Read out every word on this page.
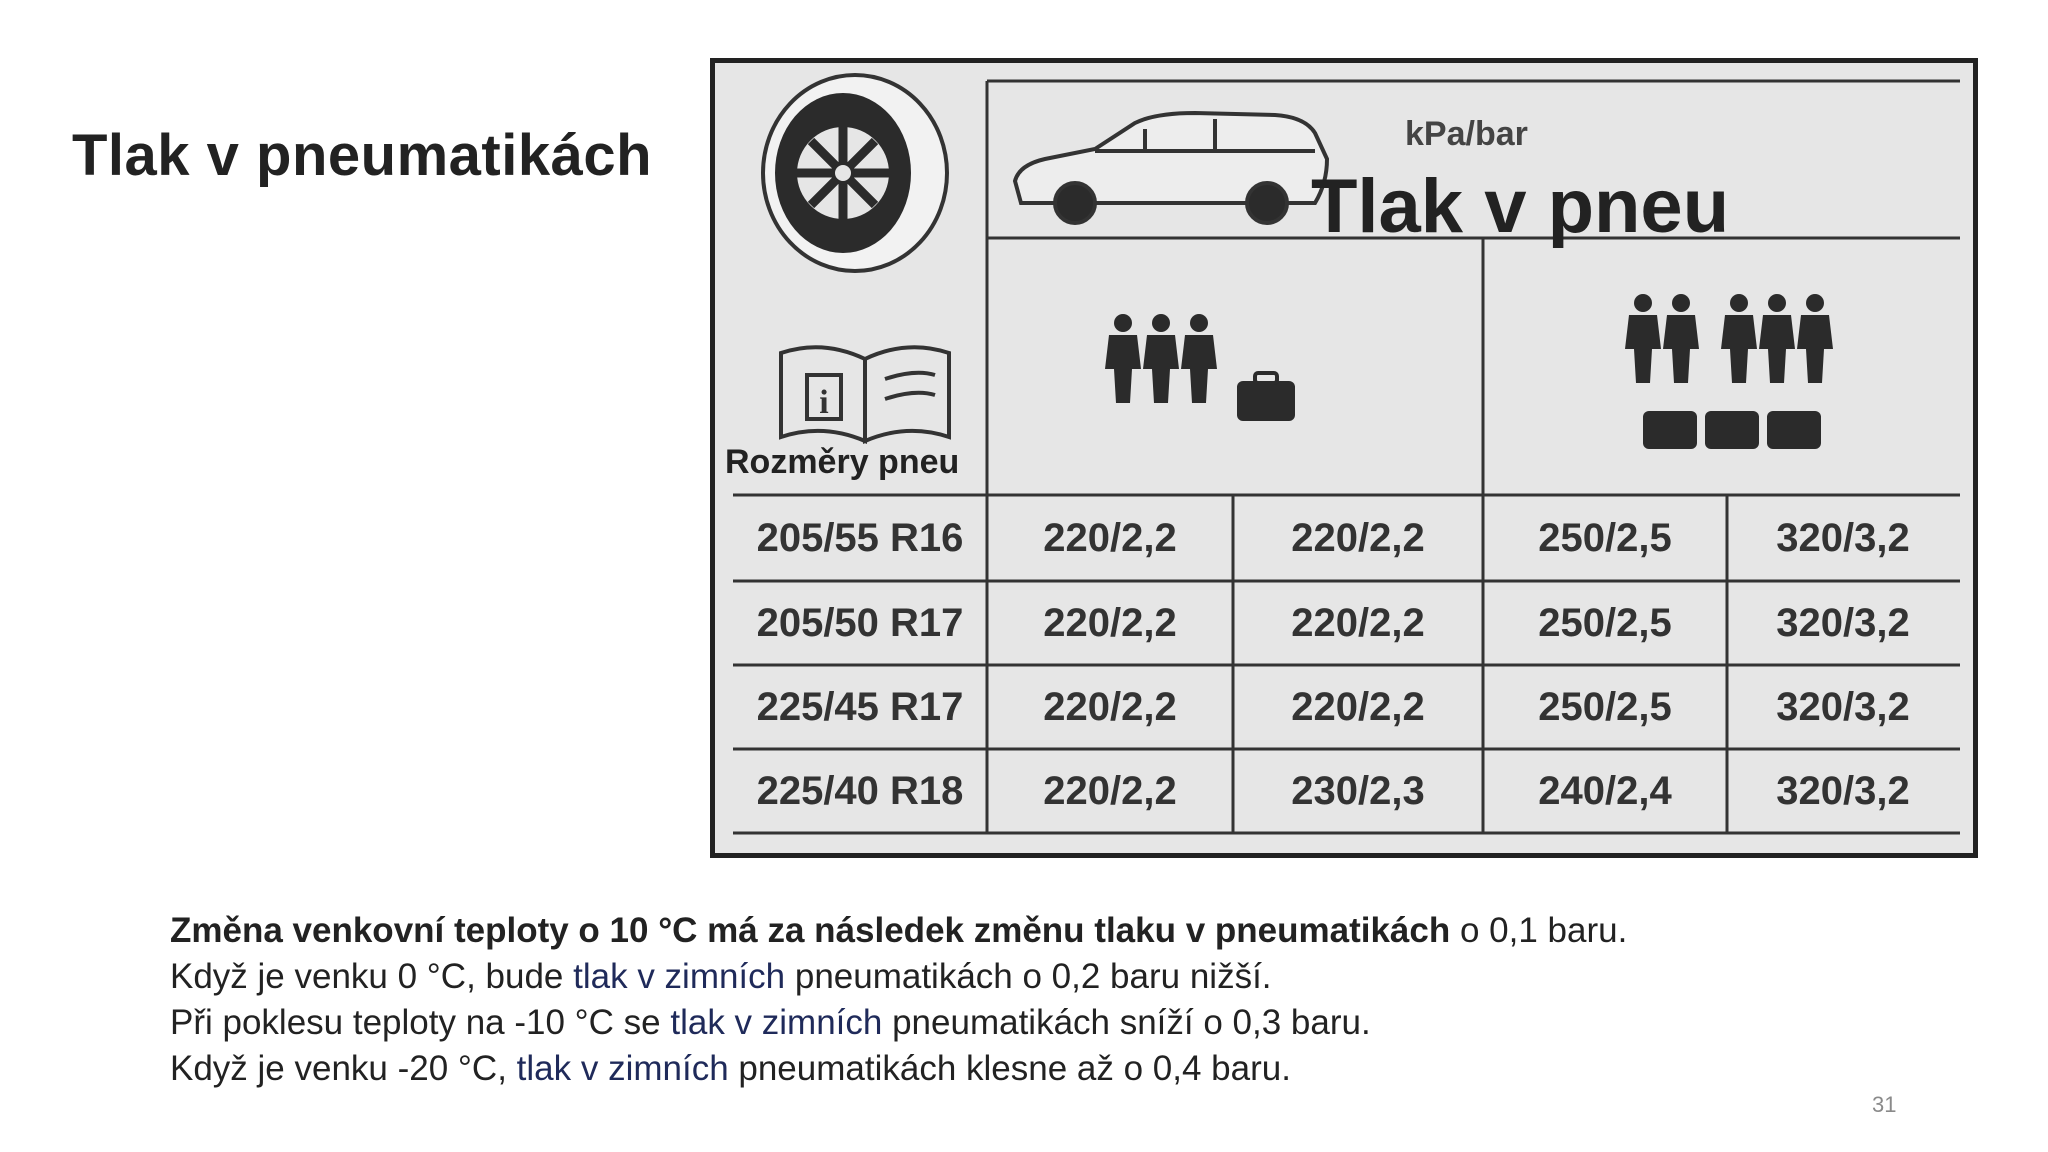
Tlak v pneumatikách
i
205/55 R16 220/2,2	220/2,2	250/2,5	320/3,2
205/50 R17 220/2,2	220/2,2	250/2,5	320/3,2
225/45 R17 220/2,2	220/2,2	250/2,5	320/3,2
225/40 R18 220/2,2	230/2,3	240/2,4	320/3,2
kPa/bar
Tlak v pneu
Rozměry pneu

Změna venkovní teploty o 10 °C má za následek změnu tlaku v pneumatikách o 0,1 baru.

Když je venku 0 °C, bude tlak v zimních pneumatikách o 0,2 baru nižší.

Při poklesu teploty na -10 °C se tlak v zimních pneumatikách sníží o 0,3 baru.

Když je venku -20 °C, tlak v zimních pneumatikách klesne až o 0,4 baru.

31
